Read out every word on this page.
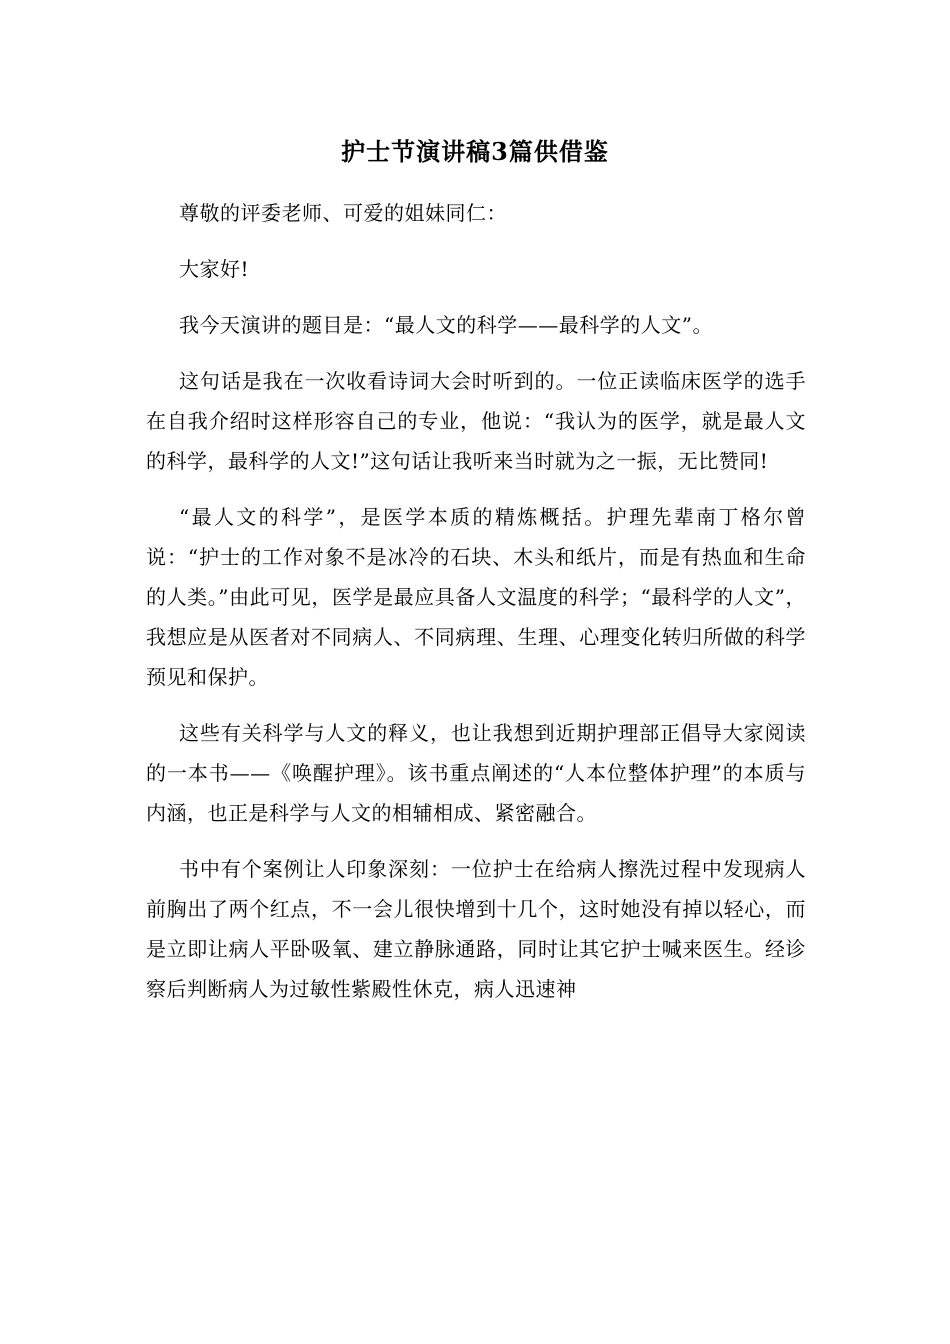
护士节演讲稿3篇供借鉴

尊敬的评委老师、可爱的姐妹同仁：

大家好!

我今天演讲的题目是：“最人文的科学——最科学的人文”。

这句话是我在一次收看诗词大会时听到的。一位正读临床医学的选手在自我介绍时这样形容自己的专业，他说：“我认为的医学，就是最人文的科学，最科学的人文!”这句话让我听来当时就为之一振，无比赞同!

“最人文的科学”，是医学本质的精炼概括。护理先辈南丁格尔曾说：“护士的工作对象不是冰冷的石块、木头和纸片，而是有热血和生命的人类。”由此可见，医学是最应具备人文温度的科学；“最科学的人文”，我想应是从医者对不同病人、不同病理、生理、心理变化转归所做的科学预见和保护。

这些有关科学与人文的释义，也让我想到近期护理部正倡导大家阅读的一本书——《唤醒护理》。该书重点阐述的“人本位整体护理”的本质与内涵，也正是科学与人文的相辅相成、紧密融合。

书中有个案例让人印象深刻：一位护士在给病人擦洗过程中发现病人前胸出了两个红点，不一会儿很快增到十几个，这时她没有掉以轻心，而是立即让病人平卧吸氧、建立静脉通路，同时让其它护士喊来医生。经诊察后判断病人为过敏性紫殿性休克，病人迅速神
